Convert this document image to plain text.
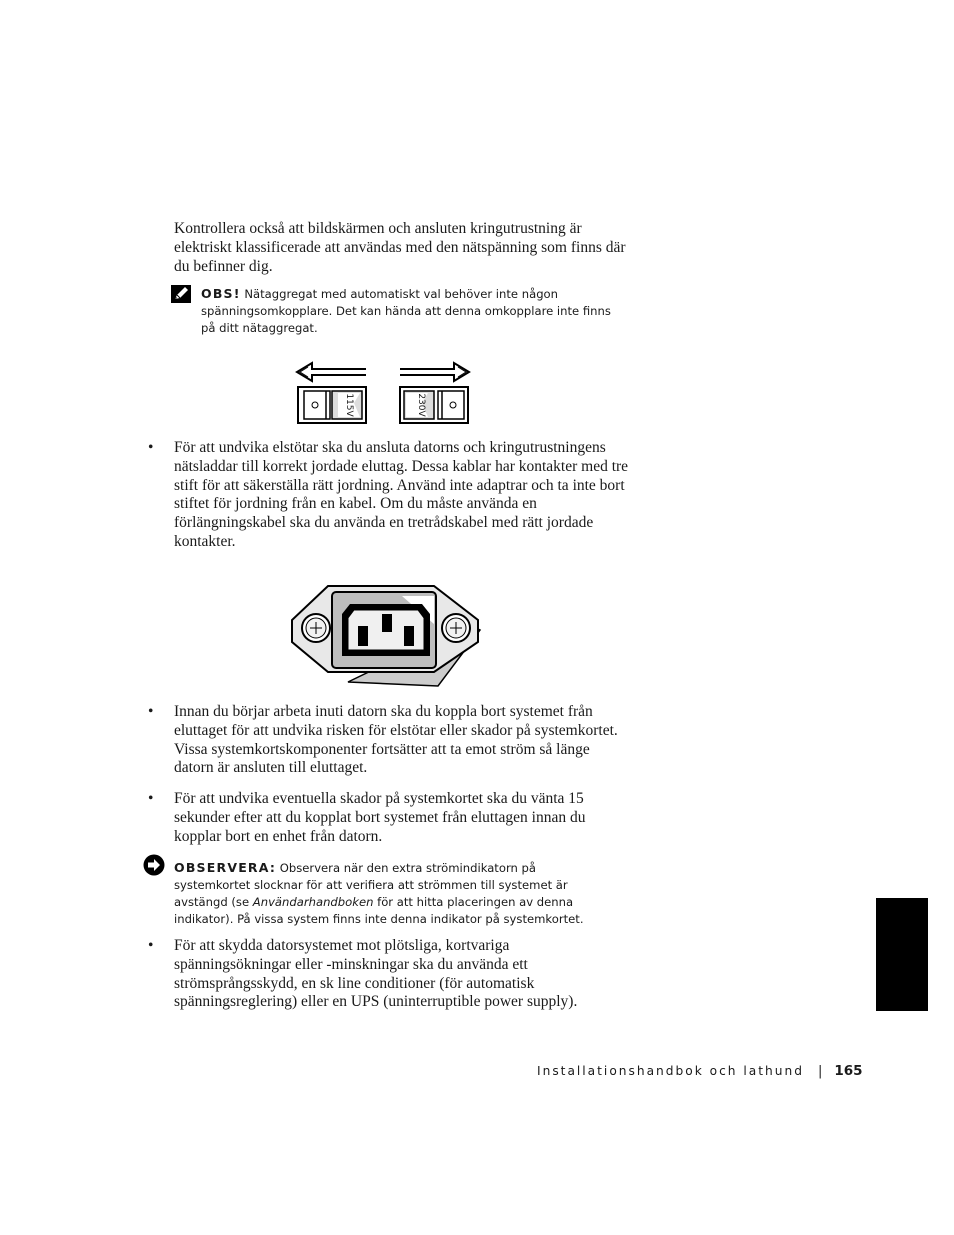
Kontrollera också att bildskärmen och ansluten kringutrustning är elektriskt klassificerade att användas med den nätspänning som finns där du befinner dig.
OBS! Nätaggregat med automatiskt val behöver inte någon spänningsomkopplare. Det kan hända att denna omkopplare inte finns på ditt nätaggregat.
115V	230V
• För att undvika elstötar ska du ansluta datorns och kringutrustningens nätsladdar till korrekt jordade eluttag. Dessa kablar har kontakter med tre stift för att säkerställa rätt jordning. Använd inte adaptrar och ta inte bort stiftet för jordning från en kabel. Om du måste använda en förlängningskabel ska du använda en tretrådskabel med rätt jordade kontakter.
• Innan du börjar arbeta inuti datorn ska du koppla bort systemet från eluttaget för att undvika risken för elstötar eller skador på systemkortet. Vissa systemkortskomponenter fortsätter att ta emot ström så länge datorn är ansluten till eluttaget.
• För att undvika eventuella skador på systemkortet ska du vänta 15 sekunder efter att du kopplat bort systemet från eluttagen innan du kopplar bort en enhet från datorn.
OBSERVERA: Observera när den extra strömindikatorn på systemkortet slocknar för att verifiera att strömmen till systemet är avstängd (se Användarhandboken för att hitta placeringen av denna indikator). På vissa system finns inte denna indikator på systemkortet.
• För att skydda datorsystemet mot plötsliga, kortvariga spänningsökningar eller -minskningar ska du använda ett strömsprångsskydd, en sk line conditioner (för automatisk spänningsreglering) eller en UPS (uninterruptible power supply).
Installationshandbok och lathund | 165
